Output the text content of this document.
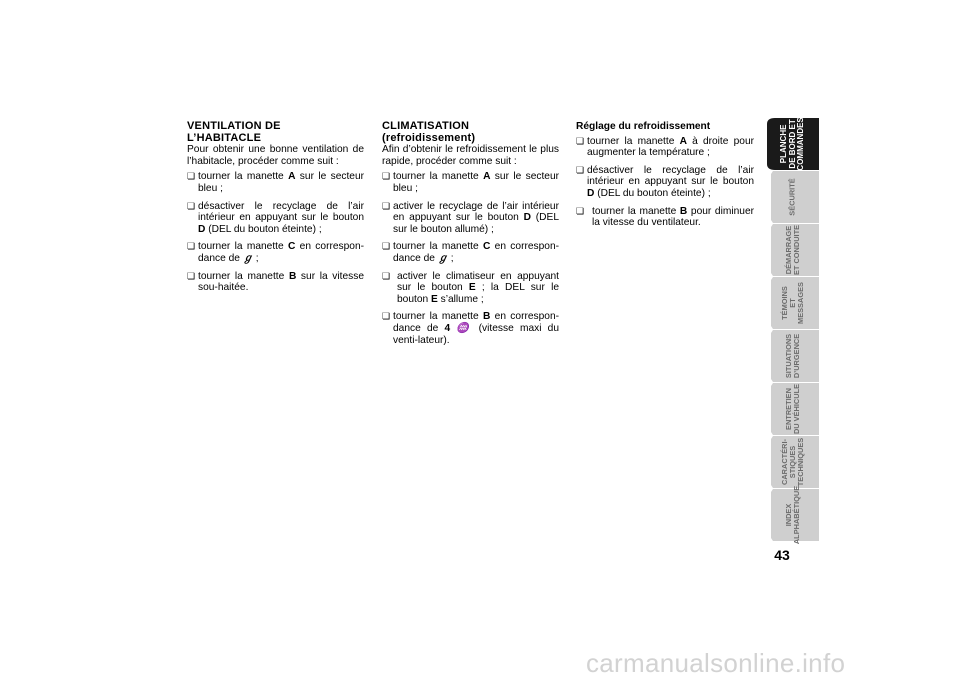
VENTILATION DE
L’HABITACLE

Pour obtenir une bonne ventilation de l’habitacle, procéder comme suit :

❏ tourner la manette A sur le secteur bleu ;
❏ désactiver le recyclage de l’air intérieur en appuyant sur le bouton D (DEL du bouton éteinte) ;
❏ tourner la manette C en correspon-dance de ℊ ;
❏ tourner la manette B sur la vitesse sou-haitée.
CLIMATISATION
(refroidissement)

Afin d’obtenir le refroidissement le plus rapide, procéder comme suit :

❏ tourner la manette A sur le secteur bleu ;
❏ activer le recyclage de l’air intérieur en appuyant sur le bouton D (DEL sur le bouton allumé) ;
❏ tourner la manette C en correspon-dance de ℊ ;
❏ activer le climatiseur en appuyant sur le bouton E ; la DEL sur le bouton E s’allume ;
❏ tourner la manette B en correspon-dance de 4 ♒ (vitesse maxi du venti-lateur).
Réglage du refroidissement
❏ tourner la manette A à droite pour augmenter la température ;
❏ désactiver le recyclage de l’air intérieur en appuyant sur le bouton D (DEL du bouton éteinte) ;
❏ tourner la manette B pour diminuer la vitesse du ventilateur.
PLANCHE
DE BORD ET
COMMANDES
SÉCURITÉ
DÉMARRAGE
ET CONDUITE
TÉMOINS
ET MESSAGES
SITUATIONS
D’URGENCE
ENTRETIEN
DU VÉHICULE
CARACTÉRI-
STIQUES
TECHNIQUES
INDEX
ALPHABÉTIQUE
43
carmanualsonline.info
